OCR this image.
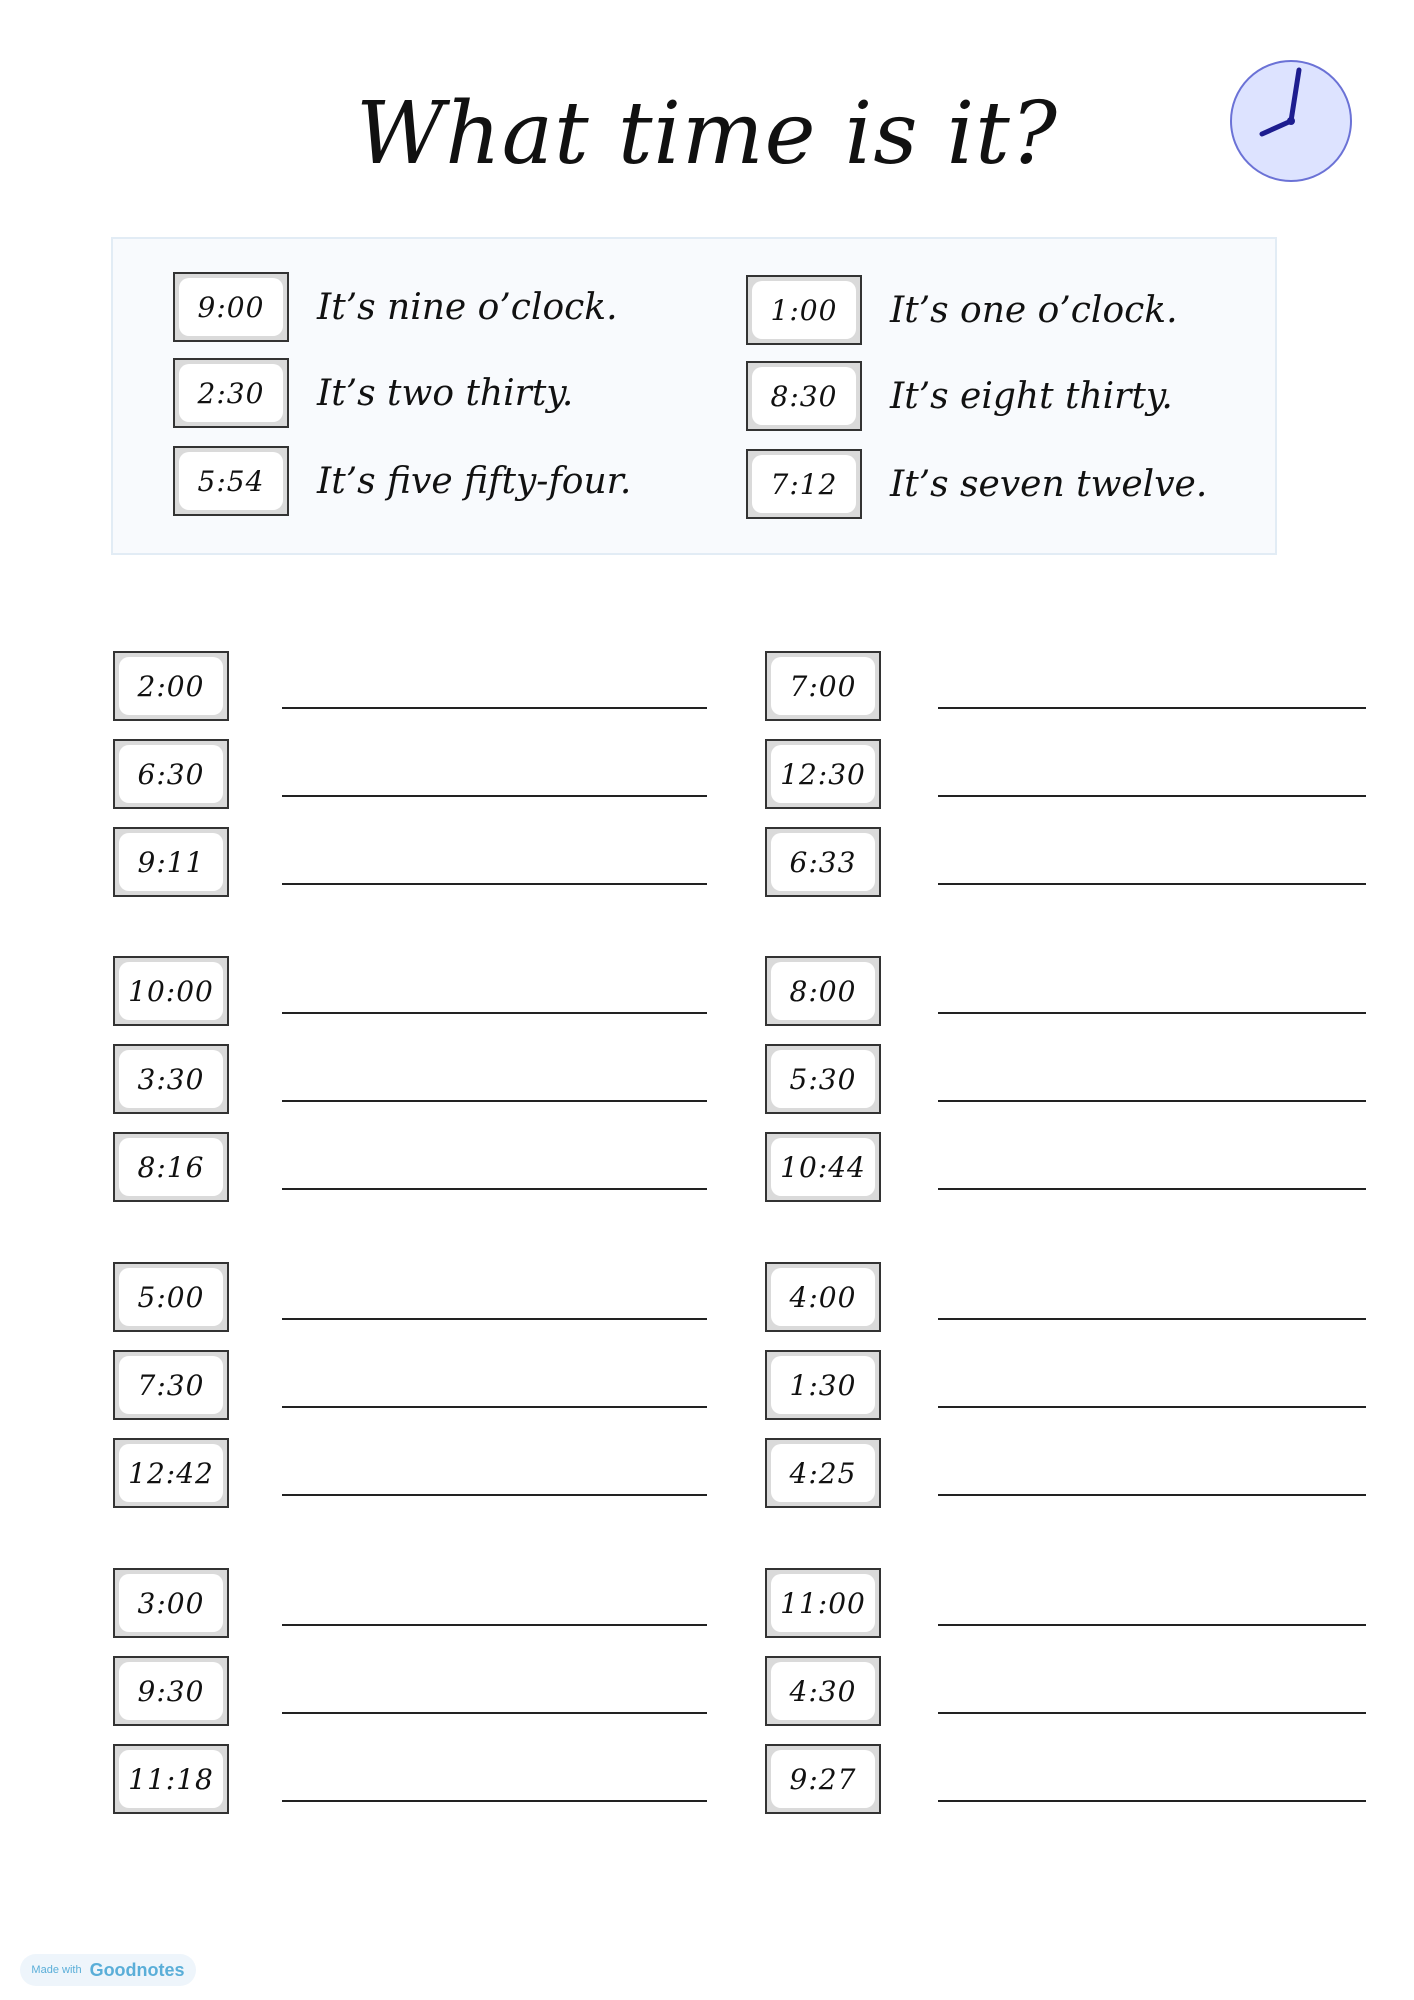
What time is it?
9:00	It’s nine o’clock.
2:30	It’s two thirty.
5:54	It’s five fifty-four.
1:00	It’s one o’clock.
8:30	It’s eight thirty.
7:12	It’s seven twelve.
2:00
6:30
9:11
10:00
3:30
8:16
5:00
7:30
12:42
3:00
9:30
11:18
7:00
12:30
6:33
8:00
5:30
10:44
4:00
1:30
4:25
11:00
4:30
9:27
Made with Goodnotes
